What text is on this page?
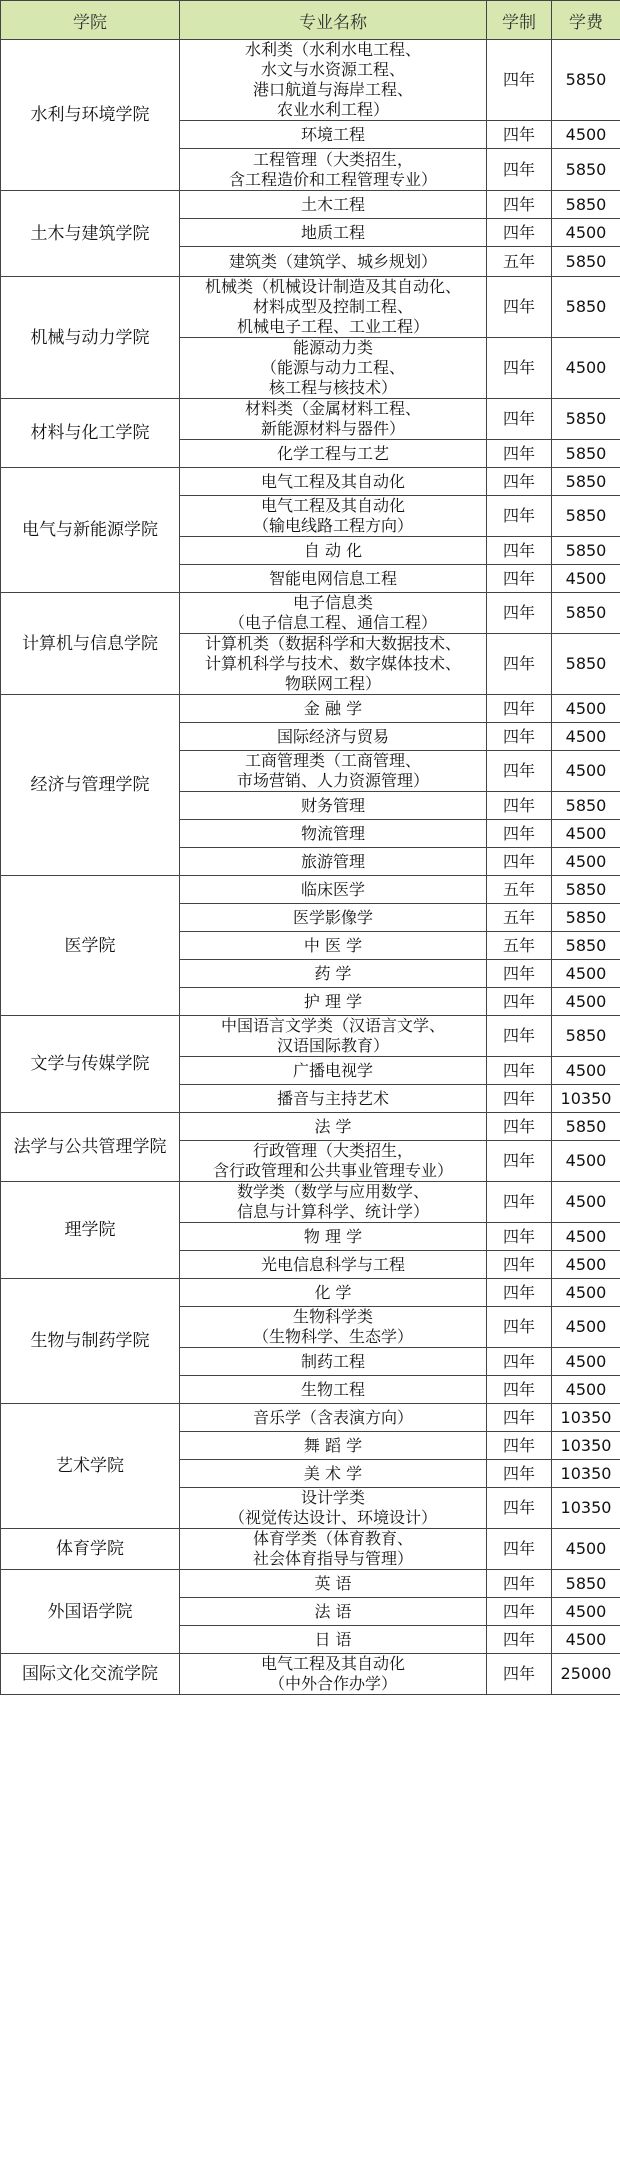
学院	专业名称	学制	学费
水利与环境学院	水利类（水利水电工程、
水文与水资源工程、
港口航道与海岸工程、
农业水利工程）	四年	5850

	环境工程	四年	4500

	工程管理（大类招生，
含工程造价和工程管理专业）	四年	5850
土木与建筑学院	土木工程	四年	5850

	地质工程	四年	4500

	建筑类（建筑学、城乡规划）	五年	5850
机械与动力学院	机械类（机械设计制造及其自动化、
材料成型及控制工程、
机械电子工程、工业工程）	四年	5850

	能源动力类
（能源与动力工程、
核工程与核技术）	四年	4500
材料与化工学院	材料类（金属材料工程、
新能源材料与器件）	四年	5850

	化学工程与工艺	四年	5850
电气与新能源学院	电气工程及其自动化	四年	5850

	电气工程及其自动化
（输电线路工程方向）	四年	5850

	自 动 化	四年	5850

	智能电网信息工程	四年	4500
计算机与信息学院	电子信息类
（电子信息工程、通信工程）	四年	5850

	计算机类（数据科学和大数据技术、
计算机科学与技术、数字媒体技术、
物联网工程）	四年	5850
经济与管理学院	金 融 学	四年	4500

	国际经济与贸易	四年	4500

	工商管理类（工商管理、
市场营销、人力资源管理）	四年	4500

	财务管理	四年	5850

	物流管理	四年	4500

	旅游管理	四年	4500
医学院	临床医学	五年	5850

	医学影像学	五年	5850

	中 医 学	五年	5850

	药 学	四年	4500

	护 理 学	四年	4500
文学与传媒学院	中国语言文学类（汉语言文学、
汉语国际教育）	四年	5850

	广播电视学	四年	4500

	播音与主持艺术	四年	10350
法学与公共管理学院	法 学	四年	5850

	行政管理（大类招生，
含行政管理和公共事业管理专业）	四年	4500
理学院	数学类（数学与应用数学、
信息与计算科学、统计学）	四年	4500

	物 理 学	四年	4500

	光电信息科学与工程	四年	4500
生物与制药学院	化 学	四年	4500

	生物科学类
（生物科学、生态学）	四年	4500

	制药工程	四年	4500

	生物工程	四年	4500
艺术学院	音乐学（含表演方向）	四年	10350

	舞 蹈 学	四年	10350

	美 术 学	四年	10350

	设计学类
（视觉传达设计、环境设计）	四年	10350
体育学院	体育学类（体育教育、
社会体育指导与管理）	四年	4500
外国语学院	英 语	四年	5850

	法 语	四年	4500

	日 语	四年	4500
国际文化交流学院	电气工程及其自动化
（中外合作办学）	四年	25000
